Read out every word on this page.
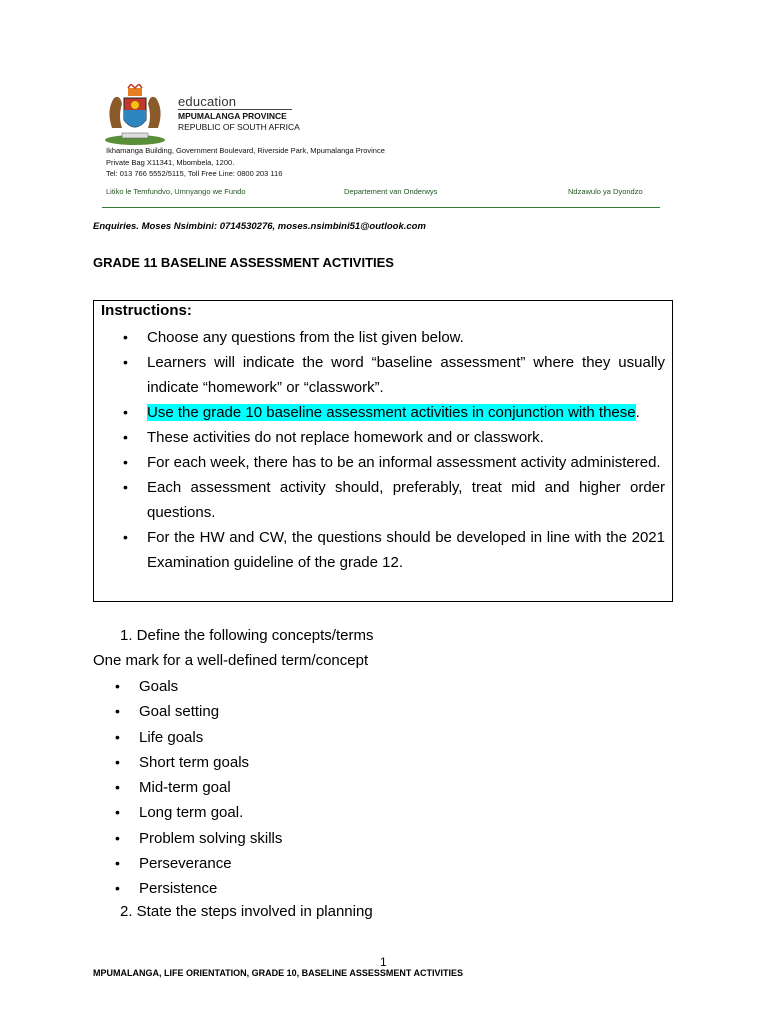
education
MPUMALANGA PROVINCE
REPUBLIC OF SOUTH AFRICA
Ikhamanga Building, Government Boulevard, Riverside Park, Mpumalanga Province
Private Bag X11341, Mbombela, 1200.
Tel: 013 766 5552/5115, Toll Free Line: 0800 203 116
Litiko le Temfundvo, Umnyango we Fundo	Departement van Onderwys	Ndzawulo ya Dyondzo
Enquiries. Moses Nsimbini: 0714530276, moses.nsimbini51@outlook.com
GRADE 11 BASELINE ASSESSMENT ACTIVITIES
Instructions:
• Choose any questions from the list given below.
• Learners will indicate the word “baseline assessment” where they usually indicate “homework” or “classwork”.
• Use the grade 10 baseline assessment activities in conjunction with these.
• These activities do not replace homework and or classwork.
• For each week, there has to be an informal assessment activity administered.
• Each assessment activity should, preferably, treat mid and higher order questions.
• For the HW and CW, the questions should be developed in line with the 2021 Examination guideline of the grade 12.
1. Define the following concepts/terms
One mark for a well-defined term/concept
• Goals
• Goal setting
• Life goals
• Short term goals
• Mid-term goal
• Long term goal.
• Problem solving skills
• Perseverance
• Persistence
2. State the steps involved in planning
1
MPUMALANGA, LIFE ORIENTATION, GRADE 10, BASELINE ASSESSMENT ACTIVITIES
